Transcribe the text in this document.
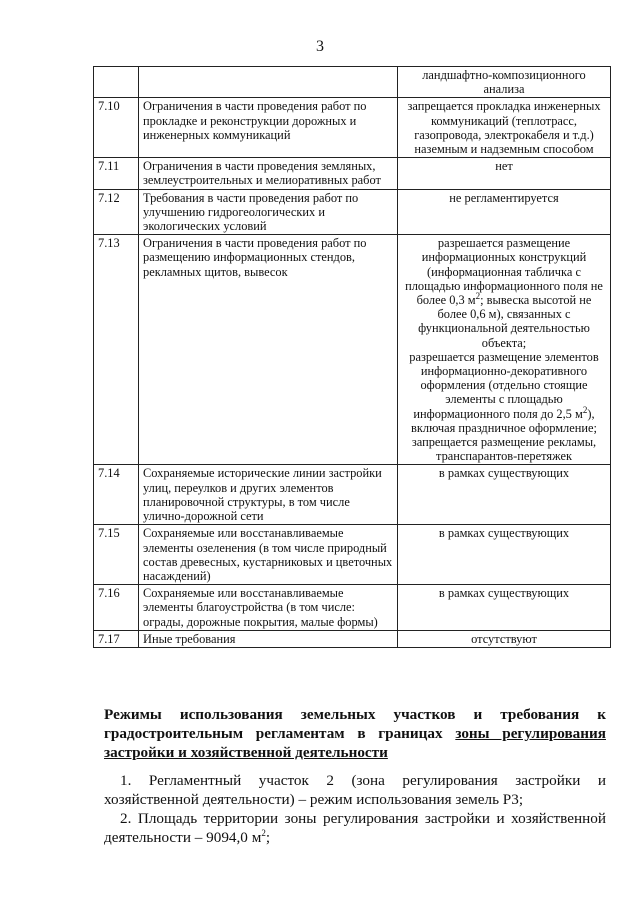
3
		ландшафтно-композиционного анализа
7.10	Ограничения в части проведения работ по прокладке и реконструкции дорожных и инженерных коммуникаций	запрещается прокладка инженерных коммуникаций (теплотрасс, газопровода, электрокабеля и т.д.) наземным и надземным способом
7.11	Ограничения в части проведения земляных, землеустроительных и мелиоративных работ	нет
7.12	Требования в части проведения работ по улучшению гидрогеологических и экологических условий	не регламентируется
7.13	Ограничения в части проведения работ по размещению информационных стендов, рекламных щитов, вывесок	разрешается размещение информационных конструкций (информационная табличка с площадью информационного поля не более 0,3 $м^2$; вывеска высотой не более 0,6 м), связанных с функциональной деятельностью объекта;
разрешается размещение элементов информационно-декоративного оформления (отдельно стоящие элементы с площадью информационного поля до 2,5 $м^2$), включая праздничное оформление;
запрещается размещение рекламы, транспарантов-перетяжек
7.14	Сохраняемые исторические линии застройки улиц, переулков и других элементов планировочной структуры, в том числе улично-дорожной сети	в рамках существующих
7.15	Сохраняемые или восстанавливаемые элементы озеленения (в том числе природный состав древесных, кустарниковых и цветочных насаждений)	в рамках существующих
7.16	Сохраняемые или восстанавливаемые элементы благоустройства (в том числе: ограды, дорожные покрытия, малые формы)	в рамках существующих
7.17	Иные требования	отсутствуют
Режимы использования земельных участков и требования к градостроительным регламентам в границах зоны регулирования застройки и хозяйственной деятельности
1. Регламентный участок 2 (зона регулирования застройки и хозяйственной деятельности) – режим использования земель Р3;
2. Площадь территории зоны регулирования застройки и хозяйственной деятельности – 9094,0 $м^2$;
